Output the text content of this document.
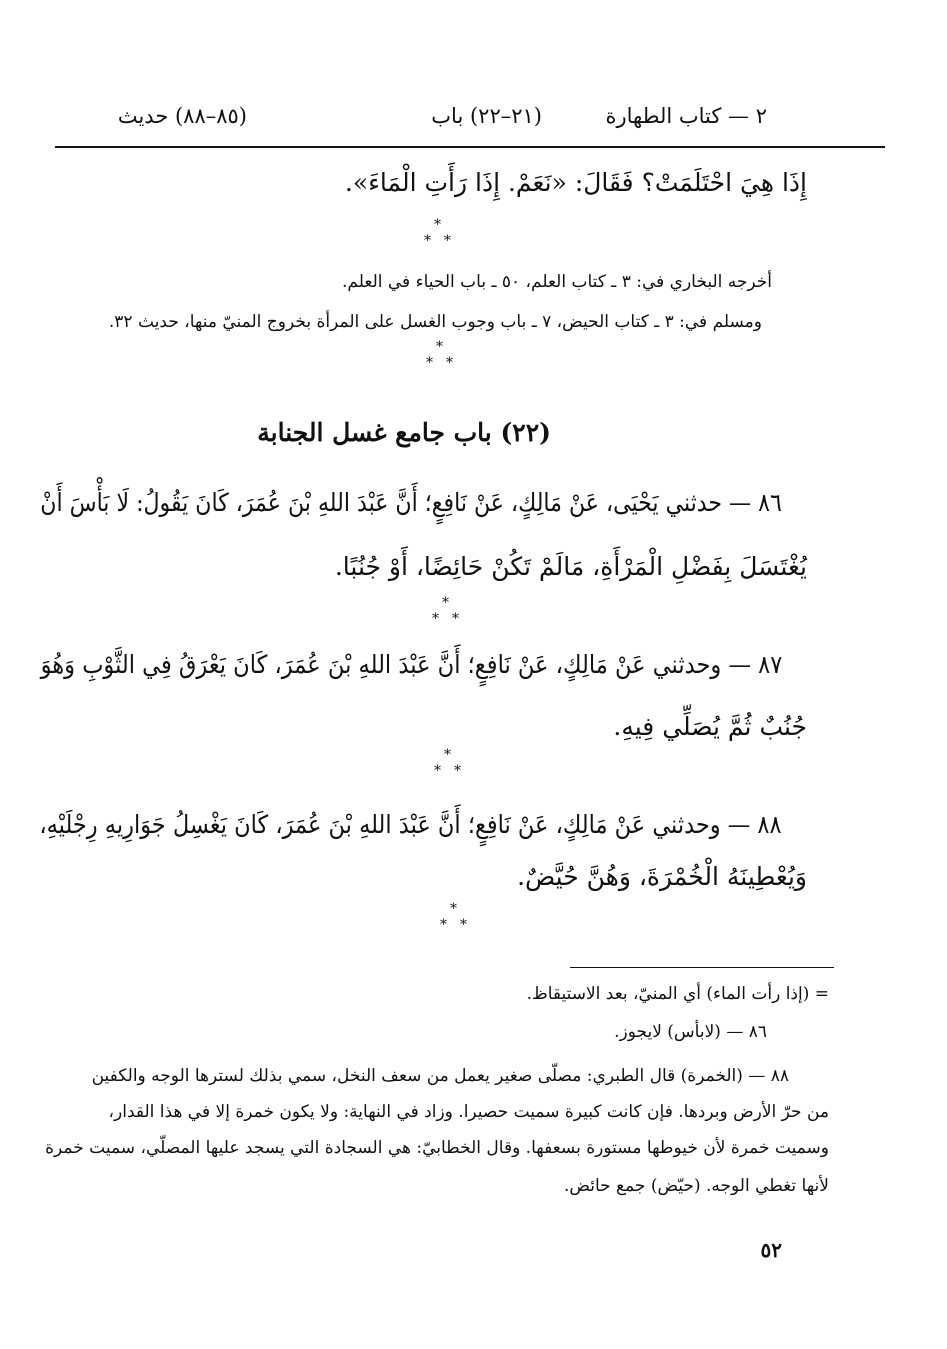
٢ — كتاب الطهارة
(٢١–٢٢) باب
(٨٥–٨٨) حديث
إِذَا هِيَ احْتَلَمَتْ؟ فَقَالَ: «نَعَمْ. إِذَا رَأَتِ الْمَاءَ».
*
* *
أخرجه البخاري في: ٣ ـ كتاب العلم، ٥٠ ـ باب الحياء في العلم.
ومسلم في: ٣ ـ كتاب الحيض، ٧ ـ باب وجوب الغسل على المرأة بخروج المنيّ منها، حديث ٣٢.
*
* *
(٢٢) باب جامع غسل الجنابة
٨٦ — حدثني يَحْيَى، عَنْ مَالِكٍ، عَنْ نَافِعٍ؛ أَنَّ عَبْدَ اللهِ بْنَ عُمَرَ، كَانَ يَقُولُ: لَا بَأْسَ أَنْ
يُغْتَسَلَ بِفَضْلِ الْمَرْأَةِ، مَالَمْ تَكُنْ حَائِضًا، أَوْ جُنُبًا.
*
* *
٨٧ — وحدثني عَنْ مَالِكٍ، عَنْ نَافِعٍ؛ أَنَّ عَبْدَ اللهِ بْنَ عُمَرَ، كَانَ يَعْرَقُ فِي الثَّوْبِ وَهُوَ
جُنُبٌ ثُمَّ يُصَلِّي فِيهِ.
*
* *
٨٨ — وحدثني عَنْ مَالِكٍ، عَنْ نَافِعٍ؛ أَنَّ عَبْدَ اللهِ بْنَ عُمَرَ، كَانَ يَغْسِلُ جَوَارِيهِ رِجْلَيْهِ،
وَيُعْطِينَهُ الْخُمْرَةَ، وَهُنَّ حُيَّضٌ.
*
* *
= (إذا رأت الماء) أي المنيّ، بعد الاستيقاظ.
٨٦ — (لابأس) لايجوز.
٨٨ — (الخمرة) قال الطبري: مصلّى صغير يعمل من سعف النخل، سمي بذلك لسترها الوجه والكفين
من حرّ الأرض وبردها. فإن كانت كبيرة سميت حصيرا. وزاد في النهاية: ولا يكون خمرة إلا في هذا القدار،
وسميت خمرة لأن خيوطها مستورة بسعفها. وقال الخطابيّ: هي السجادة التي يسجد عليها المصلّي، سميت خمرة
لأنها تغطي الوجه. (حيّض) جمع حائض.
٥٢
